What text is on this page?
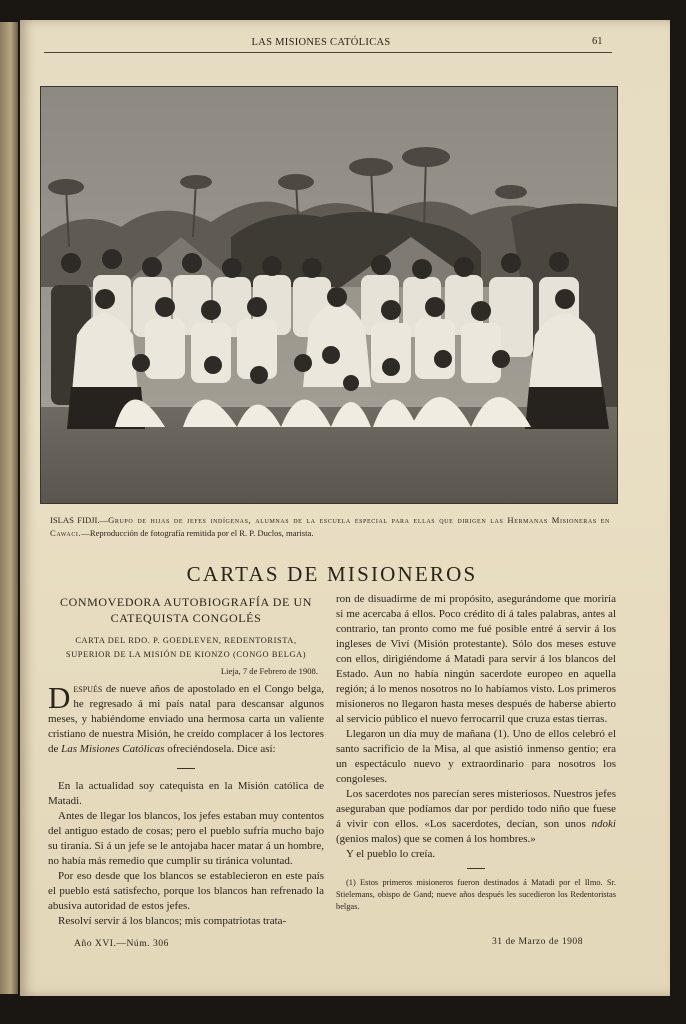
LAS MISIONES CATÓLICAS	61
ISLAS FIDJI.—Grupo de hijas de jefes indígenas, alumnas de la escuela especial para ellas que dirigen las Hermanas Misioneras en Cawaci.—Reproducción de fotografía remitida por el R. P. Duclos, marista.
CARTAS DE MISIONEROS

CONMOVEDORA AUTOBIOGRAFÍA DE UN
CATEQUISTA CONGOLÉS

CARTA DEL RDO. P. GOEDLEVEN, REDENTORISTA,
SUPERIOR DE LA MISIÓN DE KIONZO (CONGO BELGA)

Lieja, 7 de Febrero de 1908.

Después de nueve años de apostolado en el Congo belga, he regresado á mi país natal para descansar algunos meses, y habiéndome enviado una hermosa carta un valiente cristiano de nuestra Misión, he creído complacer á los lectores de Las Misiones Católicas ofreciéndosela. Dice así:

En la actualidad soy catequista en la Misión católica de Matadi.

Antes de llegar los blancos, los jefes estaban muy contentos del antiguo estado de cosas; pero el pueblo sufría mucho bajo su tiranía. Si á un jefe se le antojaba hacer matar á un hombre, no había más remedio que cumplir su tiránica voluntad.

Por eso desde que los blancos se establecieron en este país el pueblo está satisfecho, porque los blancos han refrenado la abusiva autoridad de estos jefes.

Resolví servir á los blancos; mis compatriotas trata-

ron de disuadirme de mi propósito, asegurándome que moriría si me acercaba á ellos. Poco crédito di á tales palabras, antes al contrario, tan pronto como me fué posible entré á servir á los ingleses de Viví (Misión protestante). Sólo dos meses estuve con ellos, dirigiéndome á Matadi para servir á los blancos del Estado. Aun no había ningún sacerdote europeo en aquella región; á lo menos nosotros no lo habíamos visto. Los primeros misioneros no llegaron hasta meses después de haberse abierto al servicio público el nuevo ferrocarril que cruza estas tierras.

Llegaron un día muy de mañana (1). Uno de ellos celebró el santo sacrificio de la Misa, al que asistió inmenso gentío; era un espectáculo nuevo y extraordinario para nosotros los congoleses.

Los sacerdotes nos parecían seres misteriosos. Nuestros jefes aseguraban que podíamos dar por perdido todo niño que fuese á vivir con ellos. «Los sacerdotes, decían, son unos ndoki (genios malos) que se comen á los hombres.»

Y el pueblo lo creía.

(1) Estos primeros misioneros fueron destinados á Matadi por el Ilmo. Sr. Stielemans, obispo de Gand; nueve años después les sucedieron los Redentoristas belgas.

Año XVI.—Núm. 306	31 de Marzo de 1908
